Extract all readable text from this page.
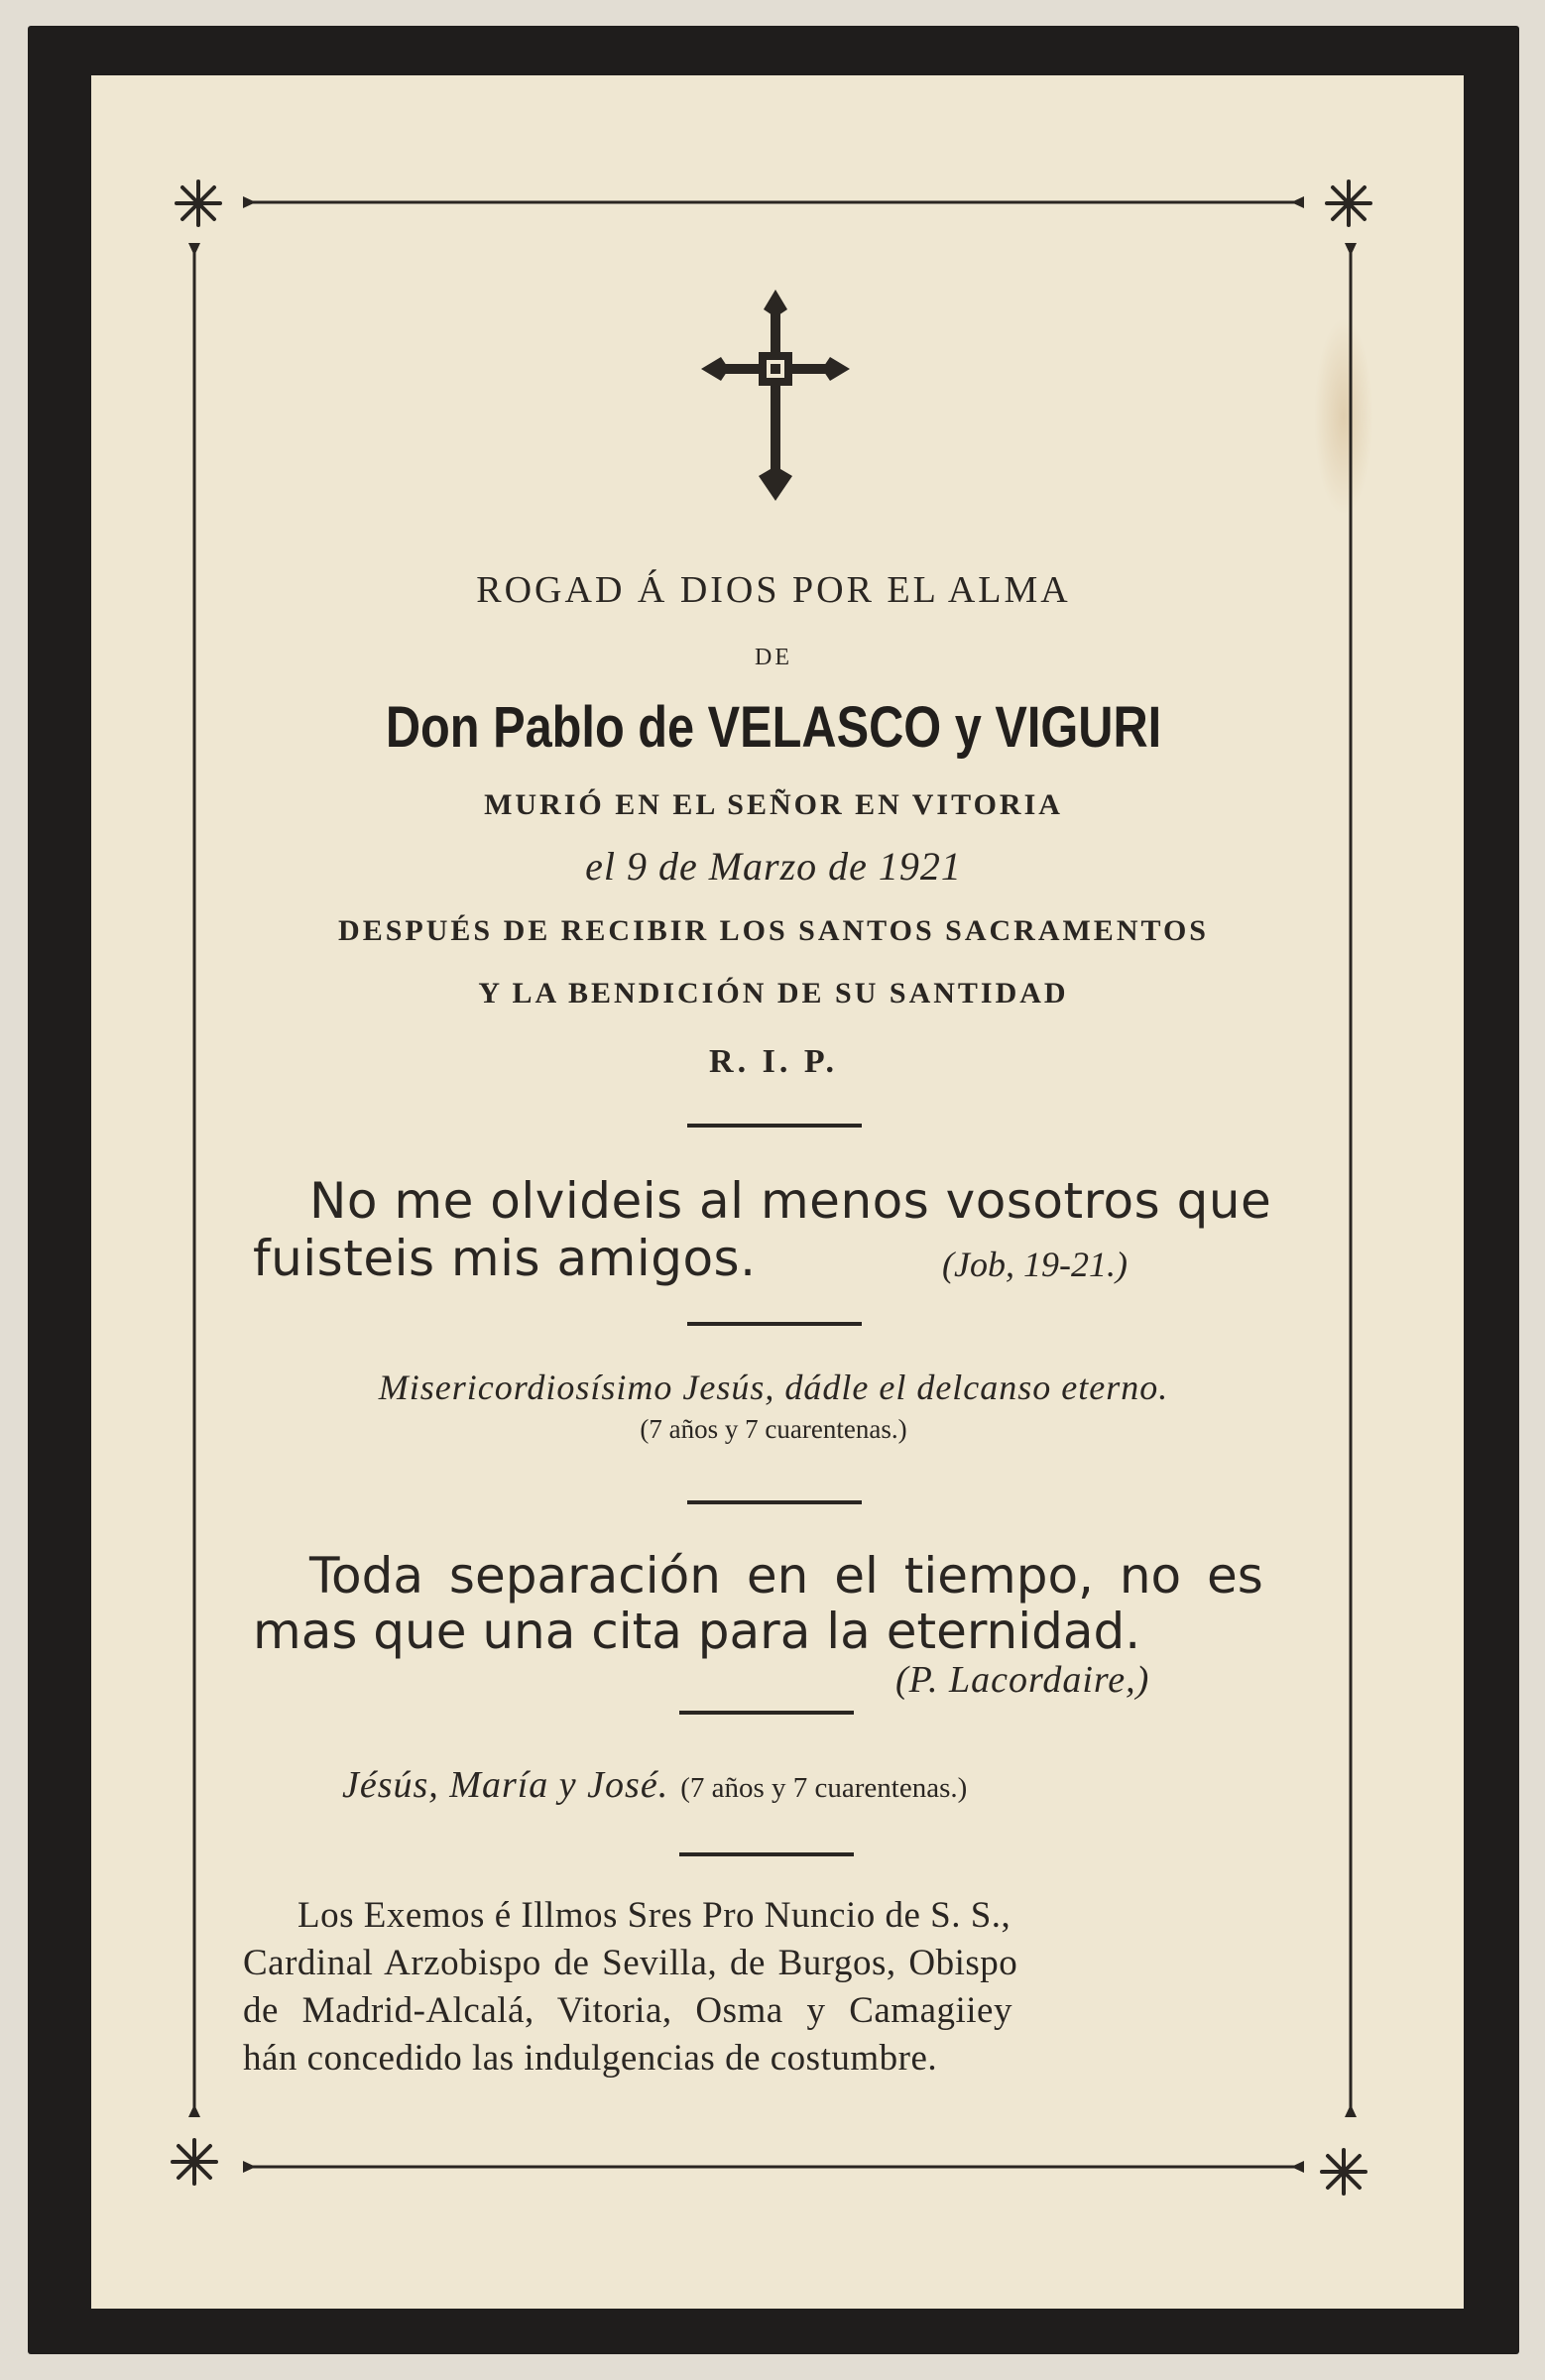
ROGAD Á DIOS POR EL ALMA
DE
Don Pablo de VELASCO y VIGURI
MURIÓ EN EL SEÑOR EN VITORIA
el 9 de Marzo de 1921
DESPUÉS DE RECIBIR LOS SANTOS SACRAMENTOS
Y LA BENDICIÓN DE SU SANTIDAD
R. I. P.
No me olvideis al menos vosotros que
fuisteis mis amigos.	(Job, 19-21.)
Misericordiosísimo Jesús, dádle el delcanso eterno.
(7 años y 7 cuarentenas.)
Toda separación en el tiempo, no es
mas que una cita para la eternidad.
(P. Lacordaire,)
Jésús, María y José. (7 años y 7 cuarentenas.)
Los Exemos é Illmos Sres Pro Nuncio de S. S.,
Cardinal Arzobispo de Sevilla, de Burgos, Obispo
de Madrid-Alcalá, Vitoria, Osma y Camagiiey
hán concedido las indulgencias de costumbre.
